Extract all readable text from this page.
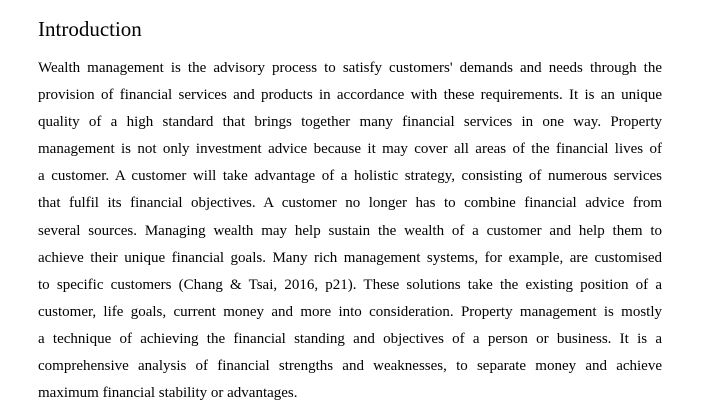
Introduction
Wealth management is the advisory process to satisfy customers' demands and needs through the
provision of financial services and products in accordance with these requirements. It is an unique
quality of a high standard that brings together many financial services in one way. Property
management is not only investment advice because it may cover all areas of the financial lives of
a customer. A customer will take advantage of a holistic strategy, consisting of numerous services
that fulfil its financial objectives. A customer no longer has to combine financial advice from
several sources. Managing wealth may help sustain the wealth of a customer and help them to
achieve their unique financial goals. Many rich management systems, for example, are customised
to specific customers (Chang & Tsai, 2016, p21). These solutions take the existing position of a
customer, life goals, current money and more into consideration. Property management is mostly
a technique of achieving the financial standing and objectives of a person or business. It is a
comprehensive analysis of financial strengths and weaknesses, to separate money and achieve
maximum financial stability or advantages.
